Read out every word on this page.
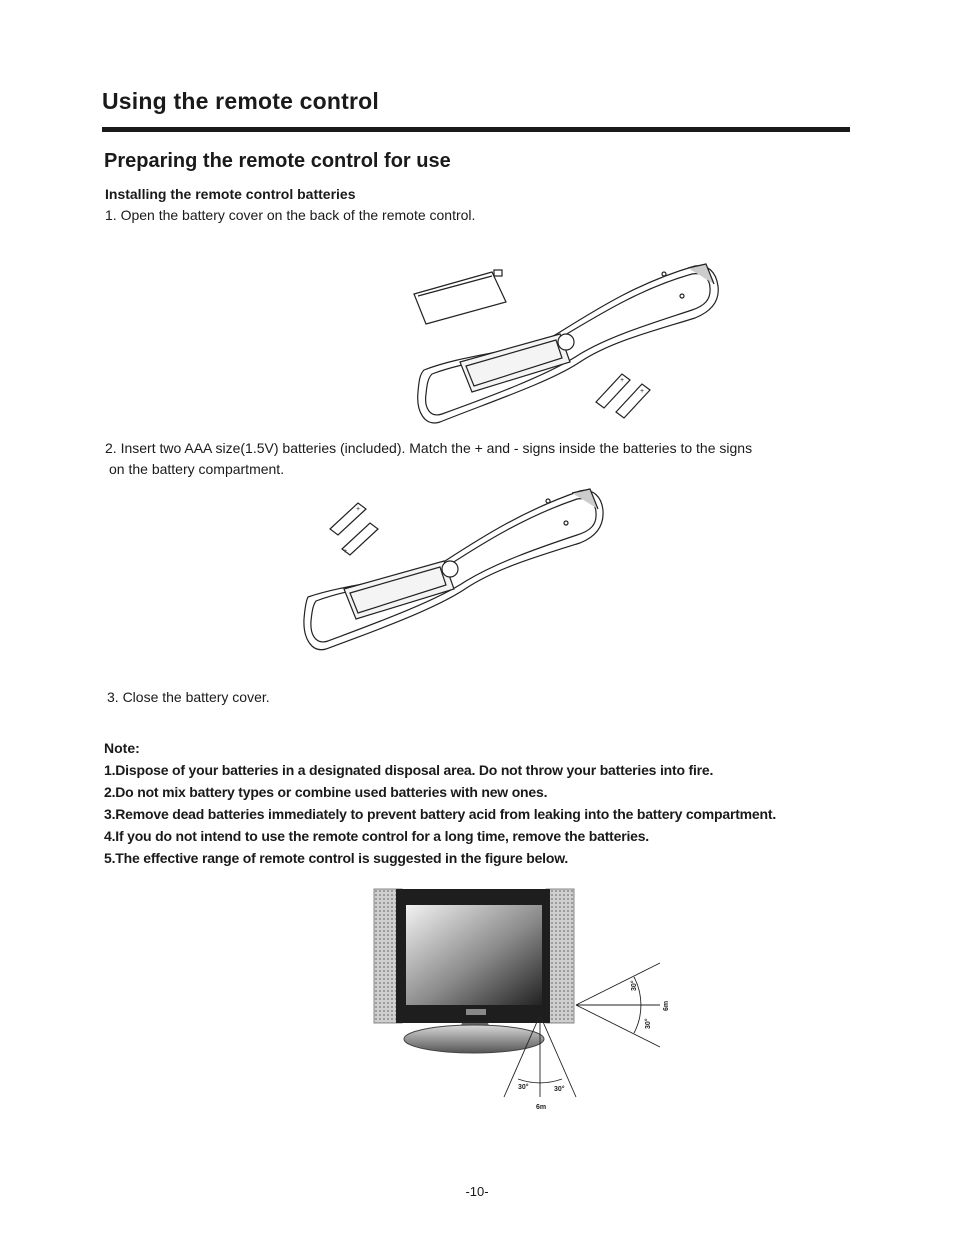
Using the remote control
Preparing the remote control for use
Installing the remote control batteries
1. Open the battery cover on the back of the remote control.
+
+
2. Insert two AAA size(1.5V) batteries (included). Match the + and - signs inside the batteries to the signs
on the battery compartment.
+
+
3. Close the battery cover.
Note:
1.Dispose of your batteries in a designated disposal area. Do not throw your batteries into fire.
2.Do not mix battery types or combine used batteries with new ones.
3.Remove dead batteries immediately to prevent battery acid from leaking into the battery compartment.
4.If you do not intend to use the remote control for a long time, remove the batteries.
5.The effective range of remote control is suggested in the figure below.
30°
30°
6m
30°	30°
6m
-10-
